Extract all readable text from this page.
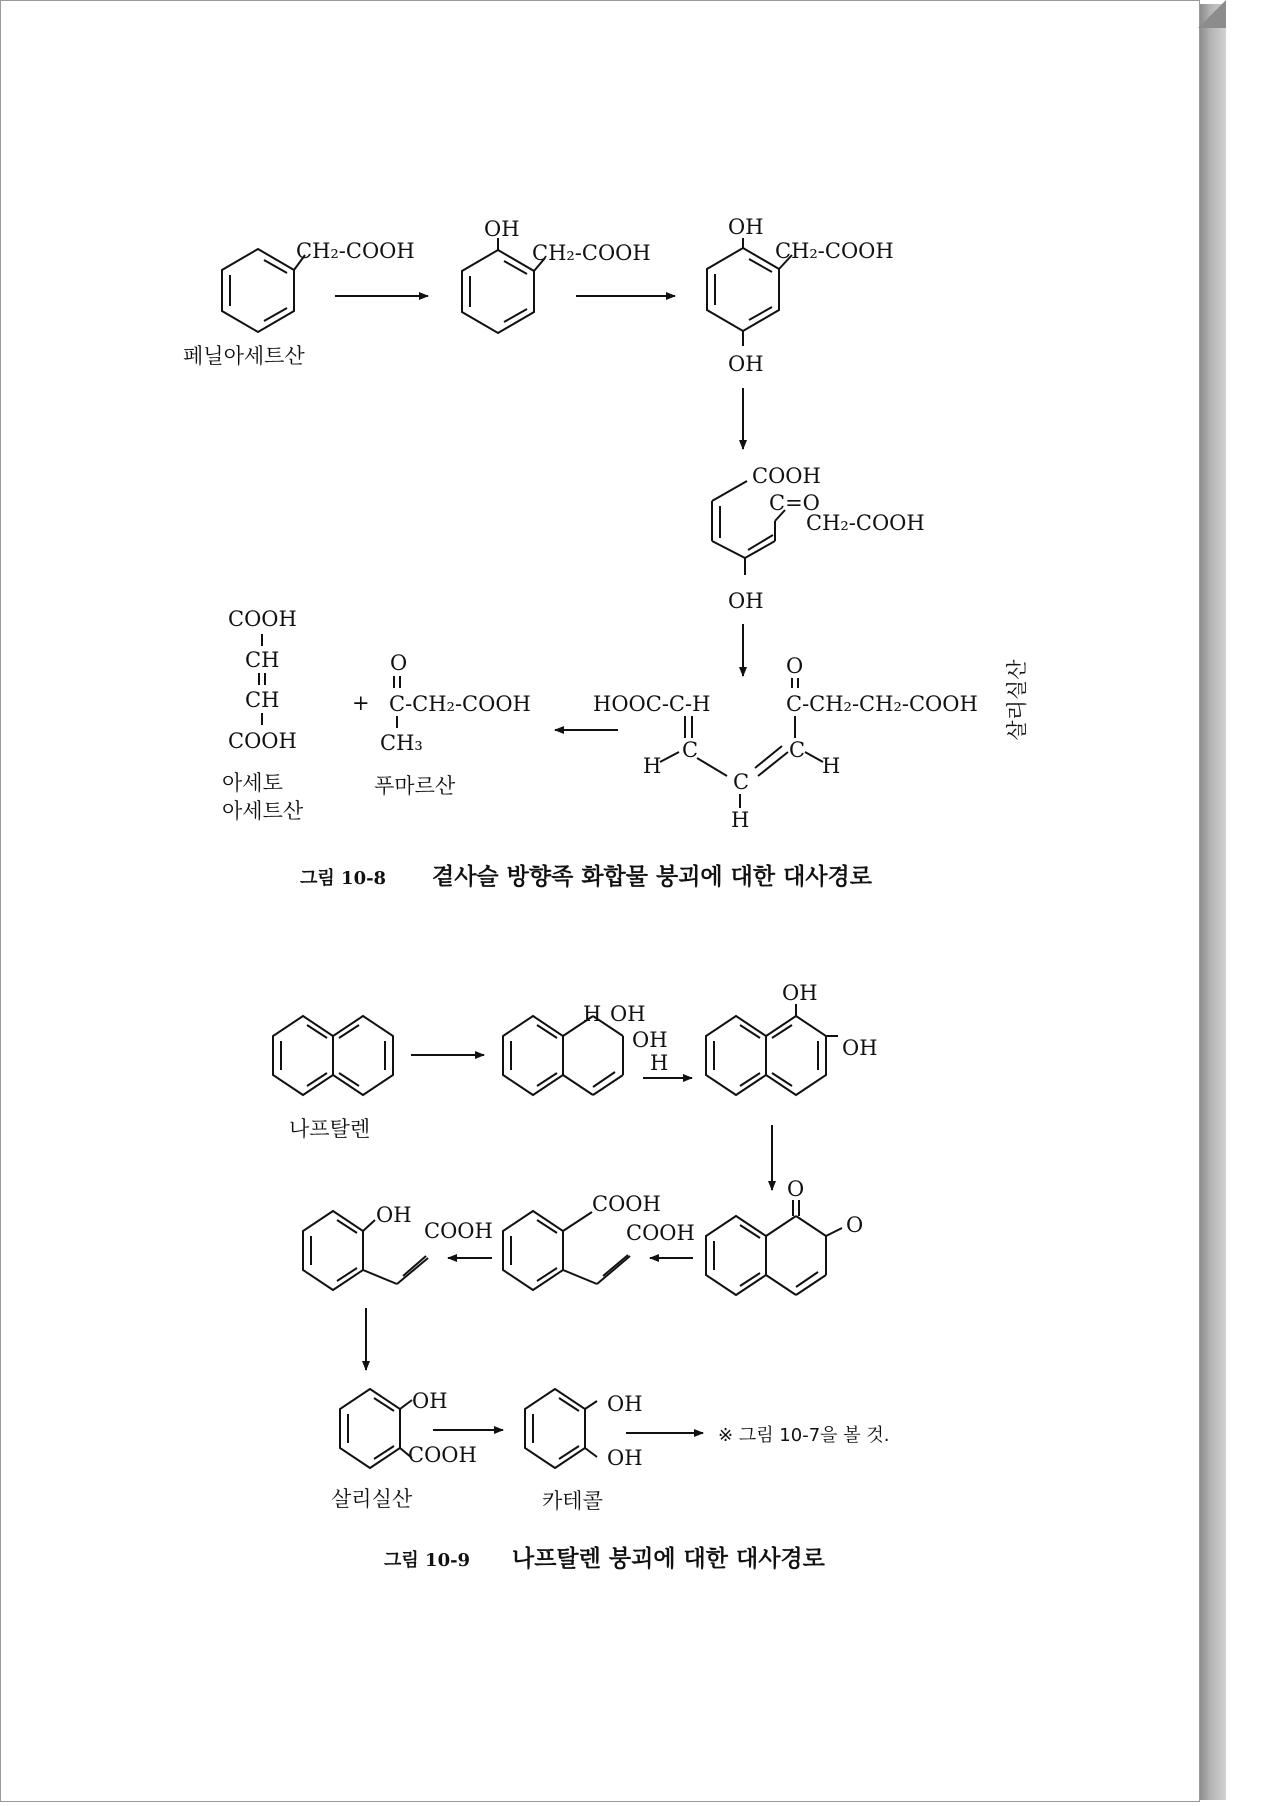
CH₂-COOH
페닐아세트산
OH
CH₂-COOH
OH
CH₂-COOH
OH
COOH
C=O
CH₂-COOH
OH
HOOC-C-H
O
C-CH₂-CH₂-COOH
C
H
C
H
C
H
살리실산
COOH
CH
CH
COOH
아세토
아세트산
+
O
C-CH₂-COOH
CH₃
푸마르산
그림 10-8 곁사슬 방향족 화합물 붕괴에 대한 대사경로
나프탈렌
H OH
OH
H
OH
OH
O
O
COOH
COOH
OH
COOH
OH
COOH
살리실산
OH
OH
카테콜
※ 그림 10-7을 볼 것.
그림 10-9 나프탈렌 붕괴에 대한 대사경로
